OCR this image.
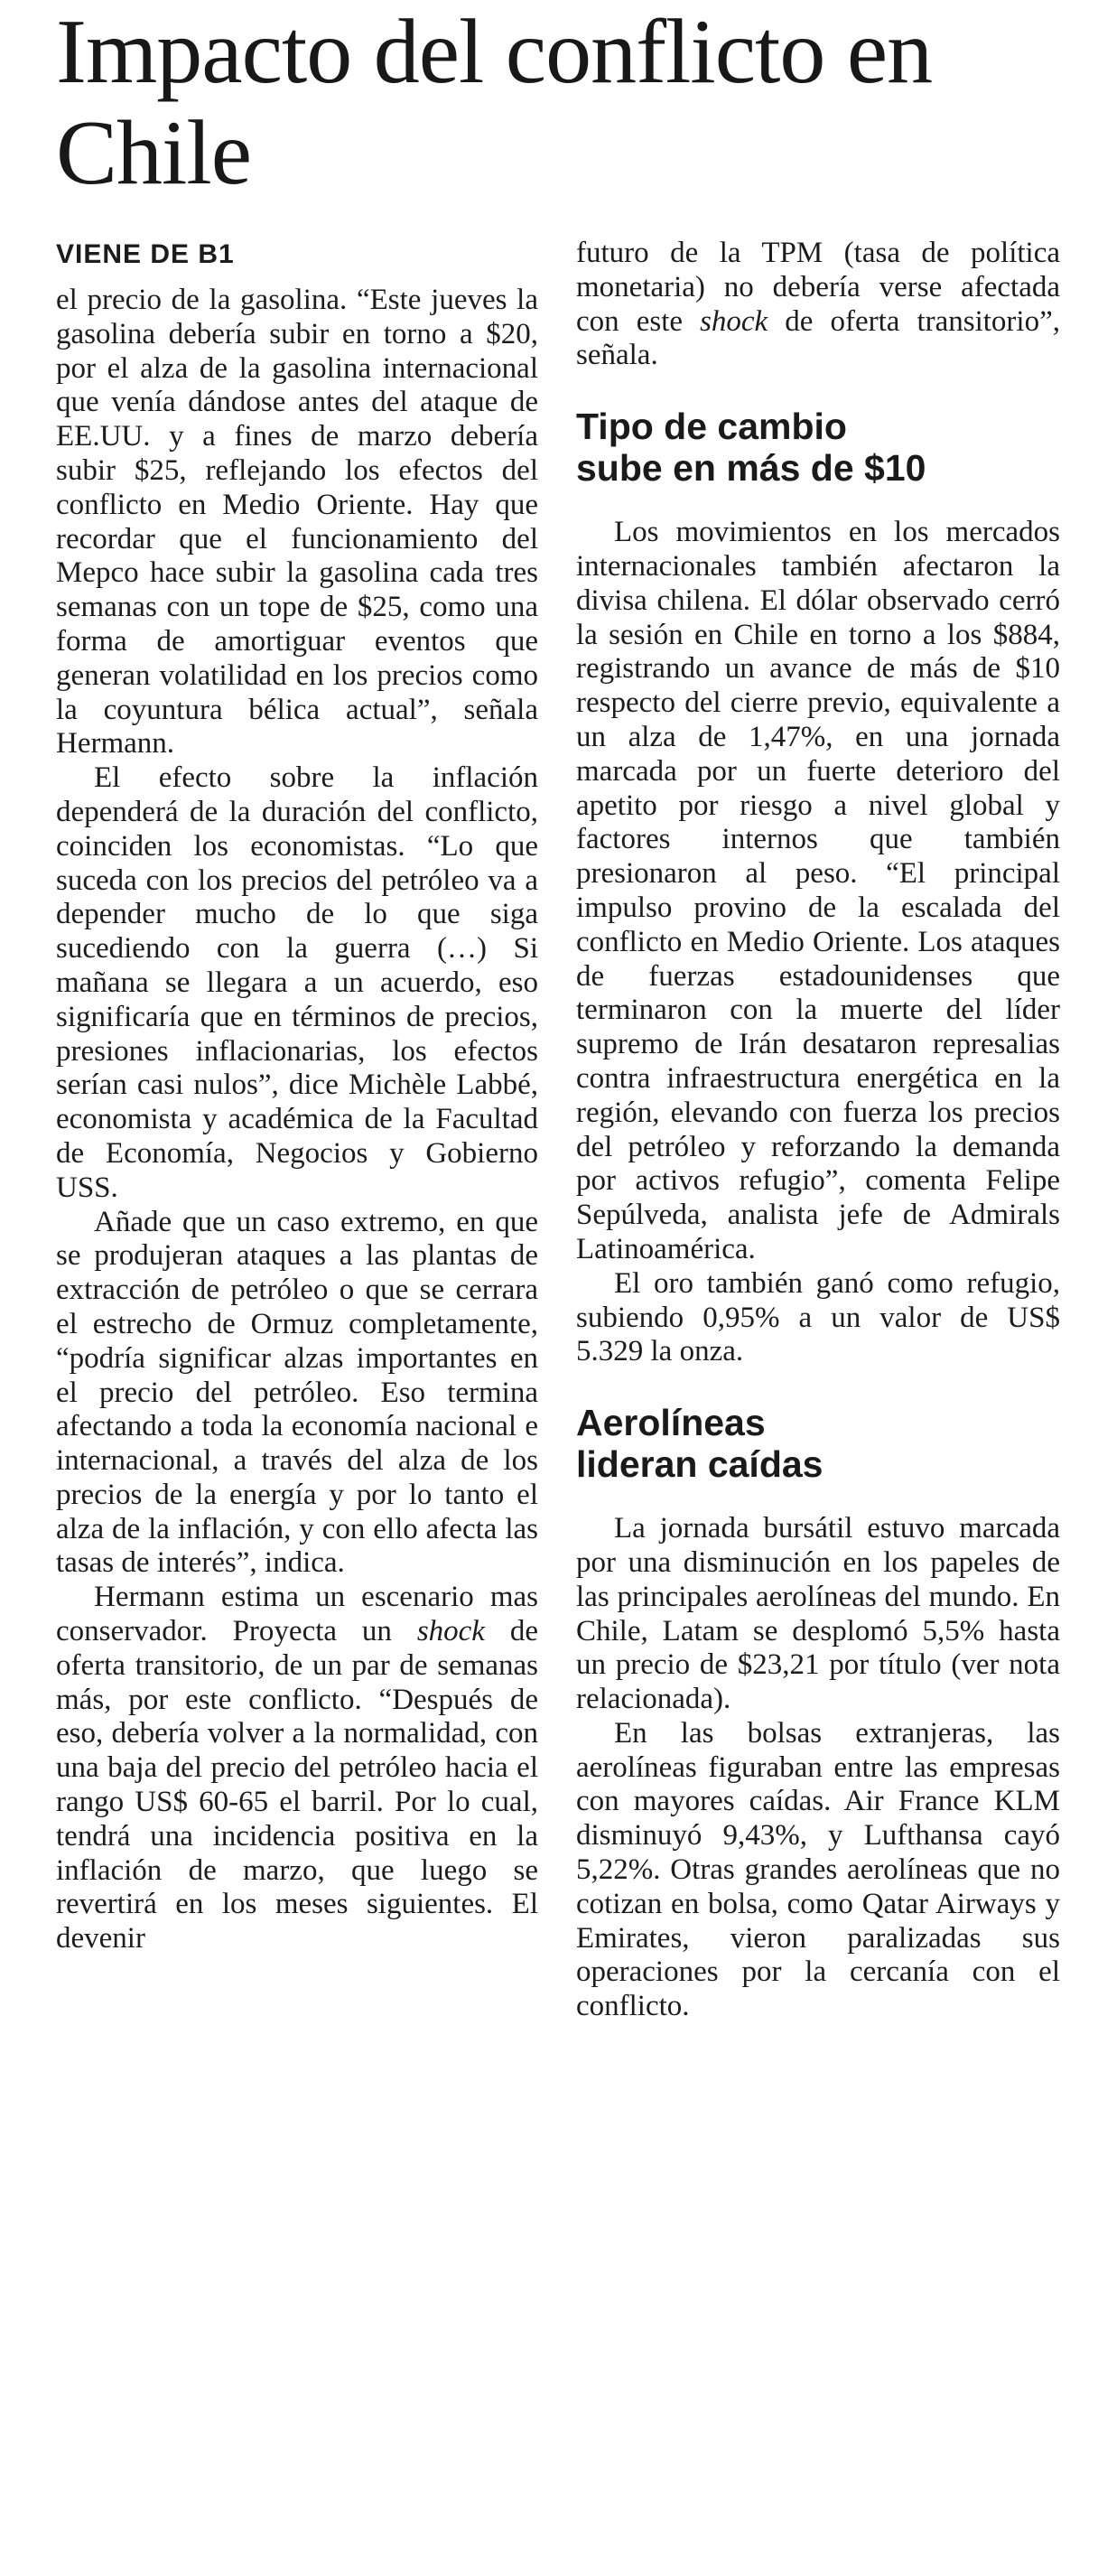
Impacto del conflicto en Chile
VIENE DE B1

el precio de la gasolina. “Este jueves la gasolina debería subir en torno a $20, por el alza de la gasolina internacional que venía dándose antes del ataque de EE.UU. y a fines de marzo debería subir $25, reflejando los efectos del conflicto en Medio Oriente. Hay que recordar que el funcionamiento del Mepco hace subir la gasolina cada tres semanas con un tope de $25, como una forma de amortiguar eventos que generan volatilidad en los precios como la coyuntura bélica actual”, señala Hermann.

El efecto sobre la inflación dependerá de la duración del conflicto, coinciden los economistas. “Lo que suceda con los precios del petróleo va a depender mucho de lo que siga sucediendo con la guerra (…) Si mañana se llegara a un acuerdo, eso significaría que en términos de precios, presiones inflacionarias, los efectos serían casi nulos”, dice Michèle Labbé, economista y académica de la Facultad de Economía, Negocios y Gobierno USS.

Añade que un caso extremo, en que se produjeran ataques a las plantas de extracción de petróleo o que se cerrara el estrecho de Ormuz completamente, “podría significar alzas importantes en el precio del petróleo. Eso termina afectando a toda la economía nacional e internacional, a través del alza de los precios de la energía y por lo tanto el alza de la inflación, y con ello afecta las tasas de interés”, indica.

Hermann estima un escenario mas conservador. Proyecta un shock de oferta transitorio, de un par de semanas más, por este conflicto. “Después de eso, debería volver a la normalidad, con una baja del precio del petróleo hacia el rango US$ 60-65 el barril. Por lo cual, tendrá una incidencia positiva en la inflación de marzo, que luego se revertirá en los meses siguientes. El devenir

futuro de la TPM (tasa de política monetaria) no debería verse afectada con este shock de oferta transitorio”, señala.

Tipo de cambio
sube en más de $10

Los movimientos en los mercados internacionales también afectaron la divisa chilena. El dólar observado cerró la sesión en Chile en torno a los $884, registrando un avance de más de $10 respecto del cierre previo, equivalente a un alza de 1,47%, en una jornada marcada por un fuerte deterioro del apetito por riesgo a nivel global y factores internos que también presionaron al peso. “El principal impulso provino de la escalada del conflicto en Medio Oriente. Los ataques de fuerzas estadounidenses que terminaron con la muerte del líder supremo de Irán desataron represalias contra infraestructura energética en la región, elevando con fuerza los precios del petróleo y reforzando la demanda por activos refugio”, comenta Felipe Sepúlveda, analista jefe de Admirals Latinoamérica.

El oro también ganó como refugio, subiendo 0,95% a un valor de US$ 5.329 la onza.

Aerolíneas
lideran caídas

La jornada bursátil estuvo marcada por una disminución en los papeles de las principales aerolíneas del mundo. En Chile, Latam se desplomó 5,5% hasta un precio de $23,21 por título (ver nota relacionada).

En las bolsas extranjeras, las aerolíneas figuraban entre las empresas con mayores caídas. Air France KLM disminuyó 9,43%, y Lufthansa cayó 5,22%. Otras grandes aerolíneas que no cotizan en bolsa, como Qatar Airways y Emirates, vieron paralizadas sus operaciones por la cercanía con el conflicto.
